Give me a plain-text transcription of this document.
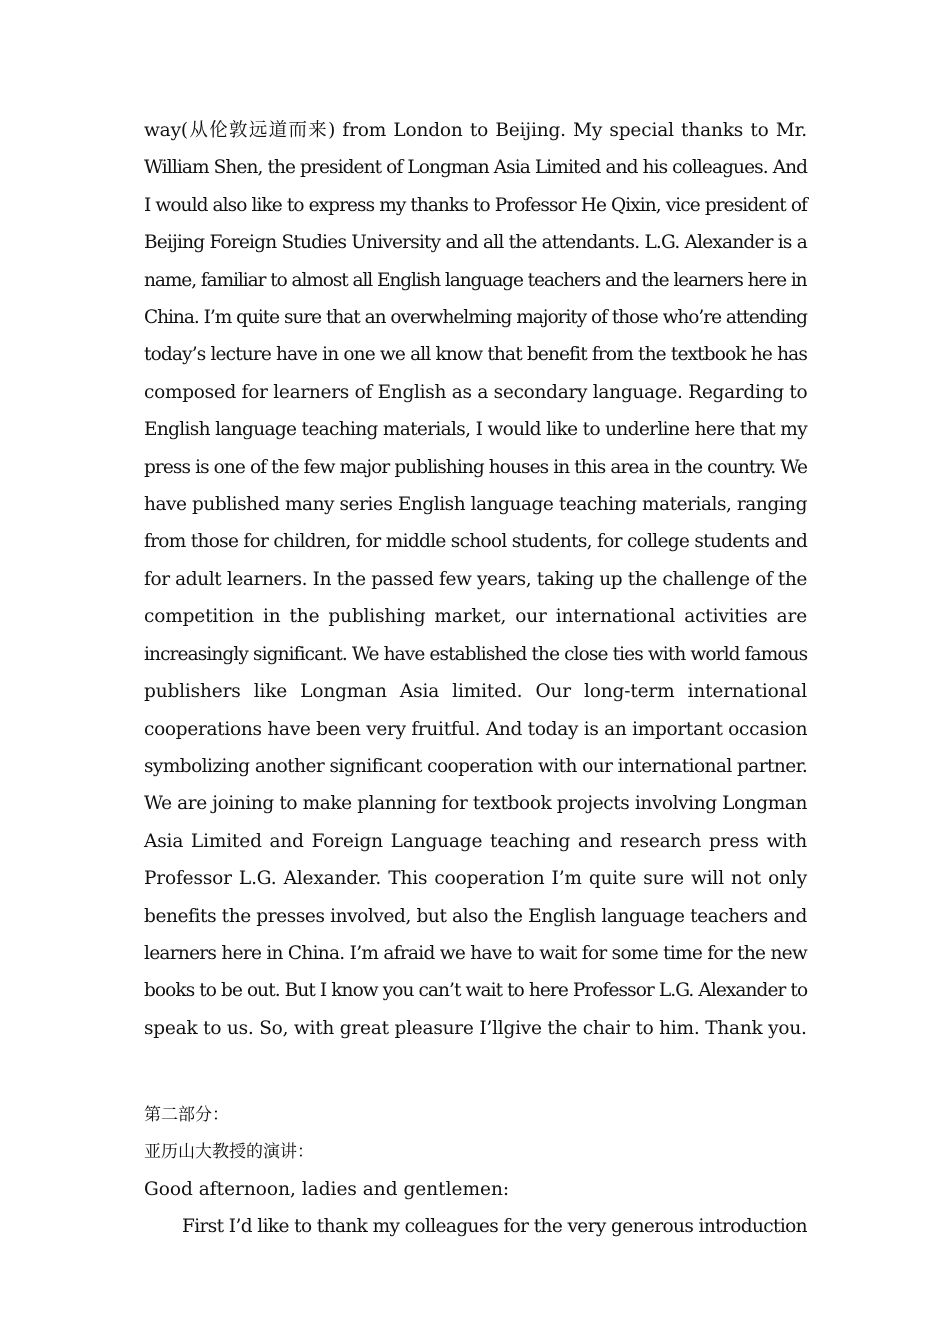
way(从伦敦远道而来) from London to Beijing. My special thanks to Mr.
William Shen, the president of Longman Asia Limited and his colleagues. And
I would also like to express my thanks to Professor He Qixin, vice president of
Beijing Foreign Studies University and all the attendants. L.G. Alexander is a
name, familiar to almost all English language teachers and the learners here in
China. I’m quite sure that an overwhelming majority of those who’re attending
today’s lecture have in one we all know that benefit from the textbook he has
composed for learners of English as a secondary language. Regarding to
English language teaching materials, I would like to underline here that my
press is one of the few major publishing houses in this area in the country. We
have published many series English language teaching materials, ranging
from those for children, for middle school students, for college students and
for adult learners. In the passed few years, taking up the challenge of the
competition in the publishing market, our international activities are
increasingly significant. We have established the close ties with world famous
publishers like Longman Asia limited. Our long-term international
cooperations have been very fruitful. And today is an important occasion
symbolizing another significant cooperation with our international partner.
We are joining to make planning for textbook projects involving Longman
Asia Limited and Foreign Language teaching and research press with
Professor L.G. Alexander. This cooperation I’m quite sure will not only
benefits the presses involved, but also the English language teachers and
learners here in China. I’m afraid we have to wait for some time for the new
books to be out. But I know you can’t wait to here Professor L.G. Alexander to
speak to us. So, with great pleasure I’llgive the chair to him. Thank you.

第二部分：

亚历山大教授的演讲：

Good afternoon, ladies and gentlemen:

First I’d like to thank my colleagues for the very generous introduction
